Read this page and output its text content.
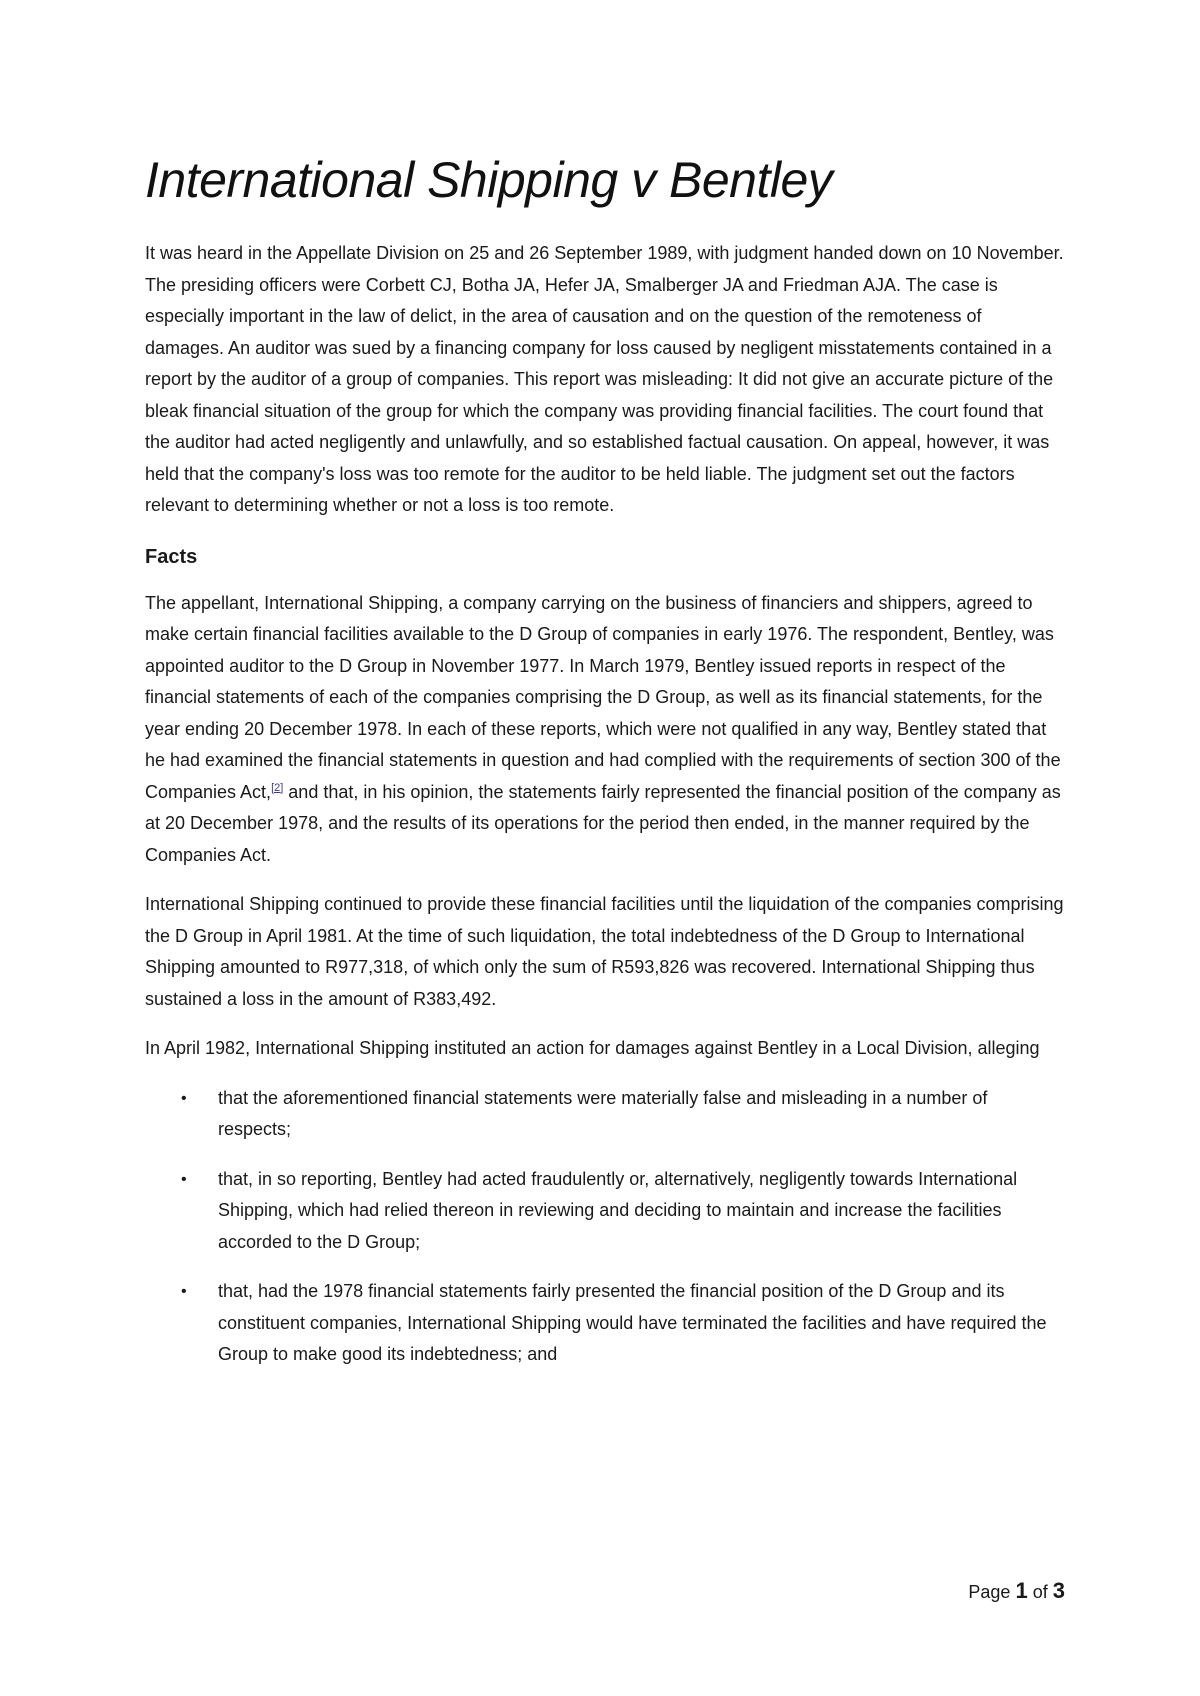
International Shipping v Bentley

It was heard in the Appellate Division on 25 and 26 September 1989, with judgment handed down on 10 November. The presiding officers were Corbett CJ, Botha JA, Hefer JA, Smalberger JA and Friedman AJA. The case is especially important in the law of delict, in the area of causation and on the question of the remoteness of damages. An auditor was sued by a financing company for loss caused by negligent misstatements contained in a report by the auditor of a group of companies. This report was misleading: It did not give an accurate picture of the bleak financial situation of the group for which the company was providing financial facilities. The court found that the auditor had acted negligently and unlawfully, and so established factual causation. On appeal, however, it was held that the company's loss was too remote for the auditor to be held liable. The judgment set out the factors relevant to determining whether or not a loss is too remote.

Facts

The appellant, International Shipping, a company carrying on the business of financiers and shippers, agreed to make certain financial facilities available to the D Group of companies in early 1976. The respondent, Bentley, was appointed auditor to the D Group in November 1977. In March 1979, Bentley issued reports in respect of the financial statements of each of the companies comprising the D Group, as well as its financial statements, for the year ending 20 December 1978. In each of these reports, which were not qualified in any way, Bentley stated that he had examined the financial statements in question and had complied with the requirements of section 300 of the Companies Act,[2] and that, in his opinion, the statements fairly represented the financial position of the company as at 20 December 1978, and the results of its operations for the period then ended, in the manner required by the Companies Act.

International Shipping continued to provide these financial facilities until the liquidation of the companies comprising the D Group in April 1981. At the time of such liquidation, the total indebtedness of the D Group to International Shipping amounted to R977,318, of which only the sum of R593,826 was recovered. International Shipping thus sustained a loss in the amount of R383,492.

In April 1982, International Shipping instituted an action for damages against Bentley in a Local Division, alleging

• that the aforementioned financial statements were materially false and misleading in a number of respects;
• that, in so reporting, Bentley had acted fraudulently or, alternatively, negligently towards International Shipping, which had relied thereon in reviewing and deciding to maintain and increase the facilities accorded to the D Group;
• that, had the 1978 financial statements fairly presented the financial position of the D Group and its constituent companies, International Shipping would have terminated the facilities and have required the Group to make good its indebtedness; and
Page 1 of 3
